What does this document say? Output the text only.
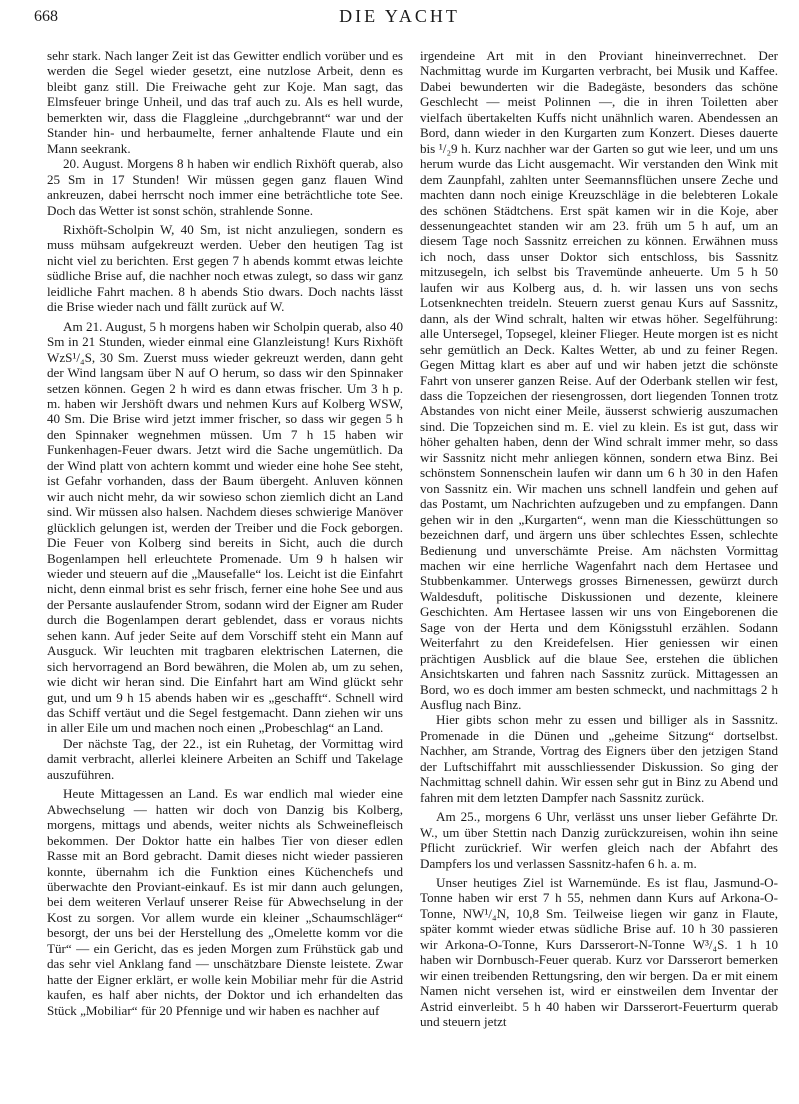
668	DIE YACHT

sehr stark. Nach langer Zeit ist das Gewitter endlich vorüber und es werden die Segel wieder gesetzt, eine nutzlose Arbeit, denn es bleibt ganz still. Die Freiwache geht zur Koje. Man sagt, das Elmsfeuer bringe Unheil, und das traf auch zu. Als es hell wurde, bemerkten wir, dass die Flaggleine „durchgebrannt“ war und der Stander hin- und herbaumelte, ferner anhaltende Flaute und ein Mann seekrank.

20. August. Morgens 8 h haben wir endlich Rixhöft querab, also 25 Sm in 17 Stunden! Wir müssen gegen ganz flauen Wind ankreuzen, dabei herrscht noch immer eine beträchtliche tote See. Doch das Wetter ist sonst schön, strahlende Sonne.

Rixhöft-Scholpin W, 40 Sm, ist nicht anzuliegen, sondern es muss mühsam aufgekreuzt werden. Ueber den heutigen Tag ist nicht viel zu berichten. Erst gegen 7 h abends kommt etwas leichte südliche Brise auf, die nachher noch etwas zulegt, so dass wir ganz leidliche Fahrt machen. 8 h abends Stio dwars. Doch nachts lässt die Brise wieder nach und fällt zurück auf W.

Am 21. August, 5 h morgens haben wir Scholpin querab, also 40 Sm in 21 Stunden, wieder einmal eine Glanzleistung! Kurs Rixhöft WzS¹/₄S, 30 Sm. Zuerst muss wieder gekreuzt werden, dann geht der Wind langsam über N auf O herum, so dass wir den Spinnaker setzen können. Gegen 2 h wird es dann etwas frischer. Um 3 h p. m. haben wir Jershöft dwars und nehmen Kurs auf Kolberg WSW, 40 Sm. Die Brise wird jetzt immer frischer, so dass wir gegen 5 h den Spinnaker wegnehmen müssen. Um 7 h 15 haben wir Funkenhagen-Feuer dwars. Jetzt wird die Sache ungemütlich. Da der Wind platt von achtern kommt und wieder eine hohe See steht, ist Gefahr vorhanden, dass der Baum übergeht. Anluven können wir auch nicht mehr, da wir sowieso schon ziemlich dicht an Land sind. Wir müssen also halsen. Nachdem dieses schwierige Manöver glücklich gelungen ist, werden der Treiber und die Fock geborgen. Die Feuer von Kolberg sind bereits in Sicht, auch die durch Bogenlampen hell erleuchtete Promenade. Um 9 h halsen wir wieder und steuern auf die „Mausefalle“ los. Leicht ist die Einfahrt nicht, denn einmal brist es sehr frisch, ferner eine hohe See und aus der Persante auslaufender Strom, sodann wird der Eigner am Ruder durch die Bogenlampen derart geblendet, dass er voraus nichts sehen kann. Auf jeder Seite auf dem Vorschiff steht ein Mann auf Ausguck. Wir leuchten mit tragbaren elektrischen Laternen, die sich hervorragend an Bord bewähren, die Molen ab, um zu sehen, wie dicht wir heran sind. Die Einfahrt hart am Wind glückt sehr gut, und um 9 h 15 abends haben wir es „geschafft“. Schnell wird das Schiff vertäut und die Segel festgemacht. Dann ziehen wir uns in aller Eile um und machen noch einen „Probeschlag“ an Land.

Der nächste Tag, der 22., ist ein Ruhetag, der Vormittag wird damit verbracht, allerlei kleinere Arbeiten an Schiff und Takelage auszuführen.

Heute Mittagessen an Land. Es war endlich mal wieder eine Abwechselung — hatten wir doch von Danzig bis Kolberg, morgens, mittags und abends, weiter nichts als Schweinefleisch bekommen. Der Doktor hatte ein halbes Tier von dieser edlen Rasse mit an Bord gebracht. Damit dieses nicht wieder passieren konnte, übernahm ich die Funktion eines Küchenchefs und überwachte den Proviant-einkauf. Es ist mir dann auch gelungen, bei dem weiteren Verlauf unserer Reise für Abwechselung in der Kost zu sorgen. Vor allem wurde ein kleiner „Schaumschläger“ besorgt, der uns bei der Herstellung des „Omelette komm vor die Tür“ — ein Gericht, das es jeden Morgen zum Frühstück gab und das sehr viel Anklang fand — unschätzbare Dienste leistete. Zwar hatte der Eigner erklärt, er wolle kein Mobiliar mehr für die Astrid kaufen, es half aber nichts, der Doktor und ich erhandelten das Stück „Mobiliar“ für 20 Pfennige und wir haben es nachher auf

irgendeine Art mit in den Proviant hineinverrechnet. Der Nachmittag wurde im Kurgarten verbracht, bei Musik und Kaffee. Dabei bewunderten wir die Badegäste, besonders das schöne Geschlecht — meist Polinnen —, die in ihren Toiletten aber vielfach übertakelten Kuffs nicht unähnlich waren. Abendessen an Bord, dann wieder in den Kurgarten zum Konzert. Dieses dauerte bis ¹/₂9 h. Kurz nachher war der Garten so gut wie leer, und um uns herum wurde das Licht ausgemacht. Wir verstanden den Wink mit dem Zaunpfahl, zahlten unter Seemannsflüchen unsere Zeche und machten dann noch einige Kreuzschläge in die belebteren Lokale des schönen Städtchens. Erst spät kamen wir in die Koje, aber dessenungeachtet standen wir am 23. früh um 5 h auf, um an diesem Tage noch Sassnitz erreichen zu können. Erwähnen muss ich noch, dass unser Doktor sich entschloss, bis Sassnitz mitzusegeln, ich selbst bis Travemünde anheuerte. Um 5 h 50 laufen wir aus Kolberg aus, d. h. wir lassen uns von sechs Lotsenknechten treideln. Steuern zuerst genau Kurs auf Sassnitz, dann, als der Wind schralt, halten wir etwas höher. Segelführung: alle Untersegel, Topsegel, kleiner Flieger. Heute morgen ist es nicht sehr gemütlich an Deck. Kaltes Wetter, ab und zu feiner Regen. Gegen Mittag klart es aber auf und wir haben jetzt die schönste Fahrt von unserer ganzen Reise. Auf der Oderbank stellen wir fest, dass die Topzeichen der riesengrossen, dort liegenden Tonnen trotz Abstandes von nicht einer Meile, äusserst schwierig auszumachen sind. Die Topzeichen sind m. E. viel zu klein. Es ist gut, dass wir höher gehalten haben, denn der Wind schralt immer mehr, so dass wir Sassnitz nicht mehr anliegen können, sondern etwa Binz. Bei schönstem Sonnenschein laufen wir dann um 6 h 30 in den Hafen von Sassnitz ein. Wir machen uns schnell landfein und gehen auf das Postamt, um Nachrichten aufzugeben und zu empfangen. Dann gehen wir in den „Kurgarten“, wenn man die Kiesschüttungen so bezeichnen darf, und ärgern uns über schlechtes Essen, schlechte Bedienung und unverschämte Preise. Am nächsten Vormittag machen wir eine herrliche Wagenfahrt nach dem Hertasee und Stubbenkammer. Unterwegs grosses Birnenessen, gewürzt durch Waldesduft, politische Diskussionen und dezente, kleinere Geschichten. Am Hertasee lassen wir uns von Eingeborenen die Sage von der Herta und dem Königsstuhl erzählen. Sodann Weiterfahrt zu den Kreidefelsen. Hier geniessen wir einen prächtigen Ausblick auf die blaue See, erstehen die üblichen Ansichtskarten und fahren nach Sassnitz zurück. Mittagessen an Bord, wo es doch immer am besten schmeckt, und nachmittags 2 h Ausflug nach Binz.

Hier gibts schon mehr zu essen und billiger als in Sassnitz. Promenade in die Dünen und „geheime Sitzung“ dortselbst. Nachher, am Strande, Vortrag des Eigners über den jetzigen Stand der Luftschiffahrt mit ausschliessender Diskussion. So ging der Nachmittag schnell dahin. Wir essen sehr gut in Binz zu Abend und fahren mit dem letzten Dampfer nach Sassnitz zurück.

Am 25., morgens 6 Uhr, verlässt uns unser lieber Gefährte Dr. W., um über Stettin nach Danzig zurückzureisen, wohin ihn seine Pflicht zurückrief. Wir werfen gleich nach der Abfahrt des Dampfers los und verlassen Sassnitz-hafen 6 h. a. m.

Unser heutiges Ziel ist Warnemünde. Es ist flau, Jasmund-O-Tonne haben wir erst 7 h 55, nehmen dann Kurs auf Arkona-O-Tonne, NW¹/₄N, 10,8 Sm. Teilweise liegen wir ganz in Flaute, später kommt wieder etwas südliche Brise auf. 10 h 30 passieren wir Arkona-O-Tonne, Kurs Darsserort-N-Tonne W³/₄S. 1 h 10 haben wir Dornbusch-Feuer querab. Kurz vor Darsserort bemerken wir einen treibenden Rettungsring, den wir bergen. Da er mit einem Namen nicht versehen ist, wird er einstweilen dem Inventar der Astrid einverleibt. 5 h 40 haben wir Darsserort-Feuerturm querab und steuern jetzt
